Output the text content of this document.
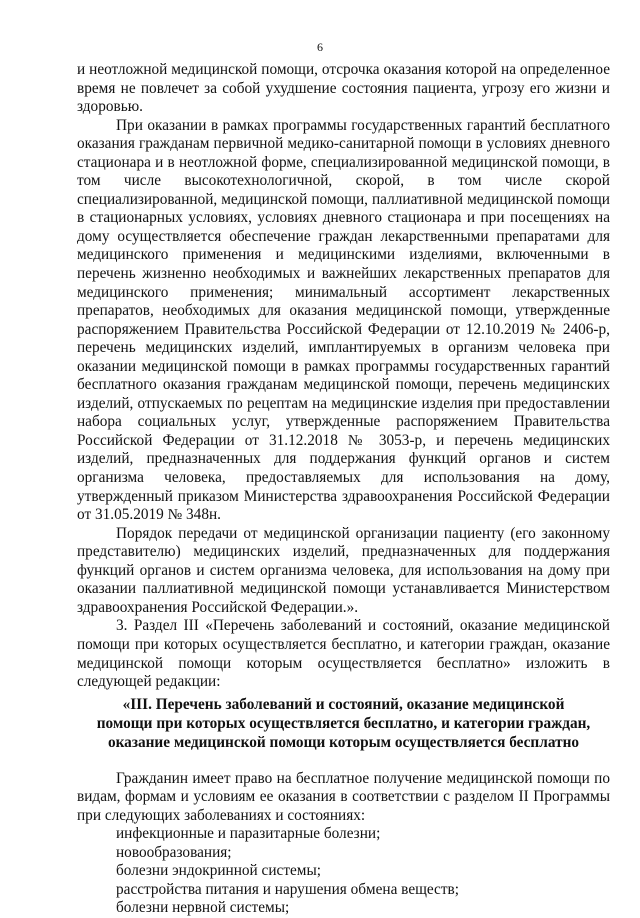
6

и неотложной медицинской помощи, отсрочка оказания которой на определенное время не повлечет за собой ухудшение состояния пациента, угрозу его жизни и здоровью.

При оказании в рамках программы государственных гарантий бесплатного оказания гражданам первичной медико-санитарной помощи в условиях дневного стационара и в неотложной форме, специализированной медицинской помощи, в том числе высокотехнологичной, скорой, в том числе скорой специализированной, медицинской помощи, паллиативной медицинской помощи в стационарных условиях, условиях дневного стационара и при посещениях на дому осуществляется обеспечение граждан лекарственными препаратами для медицинского применения и медицинскими изделиями, включенными в перечень жизненно необходимых и важнейших лекарственных препаратов для медицинского применения; минимальный ассортимент лекарственных препаратов, необходимых для оказания медицинской помощи, утвержденные распоряжением Правительства Российской Федерации от 12.10.2019 № 2406-р, перечень медицинских изделий, имплантируемых в организм человека при оказании медицинской помощи в рамках программы государственных гарантий бесплатного оказания гражданам медицинской помощи, перечень медицинских изделий, отпускаемых по рецептам на медицинские изделия при предоставлении набора социальных услуг, утвержденные распоряжением Правительства Российской Федерации от 31.12.2018 № 3053-р, и перечень медицинских изделий, предназначенных для поддержания функций органов и систем организма человека, предоставляемых для использования на дому, утвержденный приказом Министерства здравоохранения Российской Федерации от 31.05.2019 № 348н.

Порядок передачи от медицинской организации пациенту (его законному представителю) медицинских изделий, предназначенных для поддержания функций органов и систем организма человека, для использования на дому при оказании паллиативной медицинской помощи устанавливается Министерством здравоохранения Российской Федерации.».

3. Раздел III «Перечень заболеваний и состояний, оказание медицинской помощи при которых осуществляется бесплатно, и категории граждан, оказание медицинской помощи которым осуществляется бесплатно» изложить в следующей редакции:

«III. Перечень заболеваний и состояний, оказание медицинской
помощи при которых осуществляется бесплатно, и категории граждан,
оказание медицинской помощи которым осуществляется бесплатно

Гражданин имеет право на бесплатное получение медицинской помощи по видам, формам и условиям ее оказания в соответствии с разделом II Программы при следующих заболеваниях и состояниях:

инфекционные и паразитарные болезни;

новообразования;

болезни эндокринной системы;

расстройства питания и нарушения обмена веществ;

болезни нервной системы;
